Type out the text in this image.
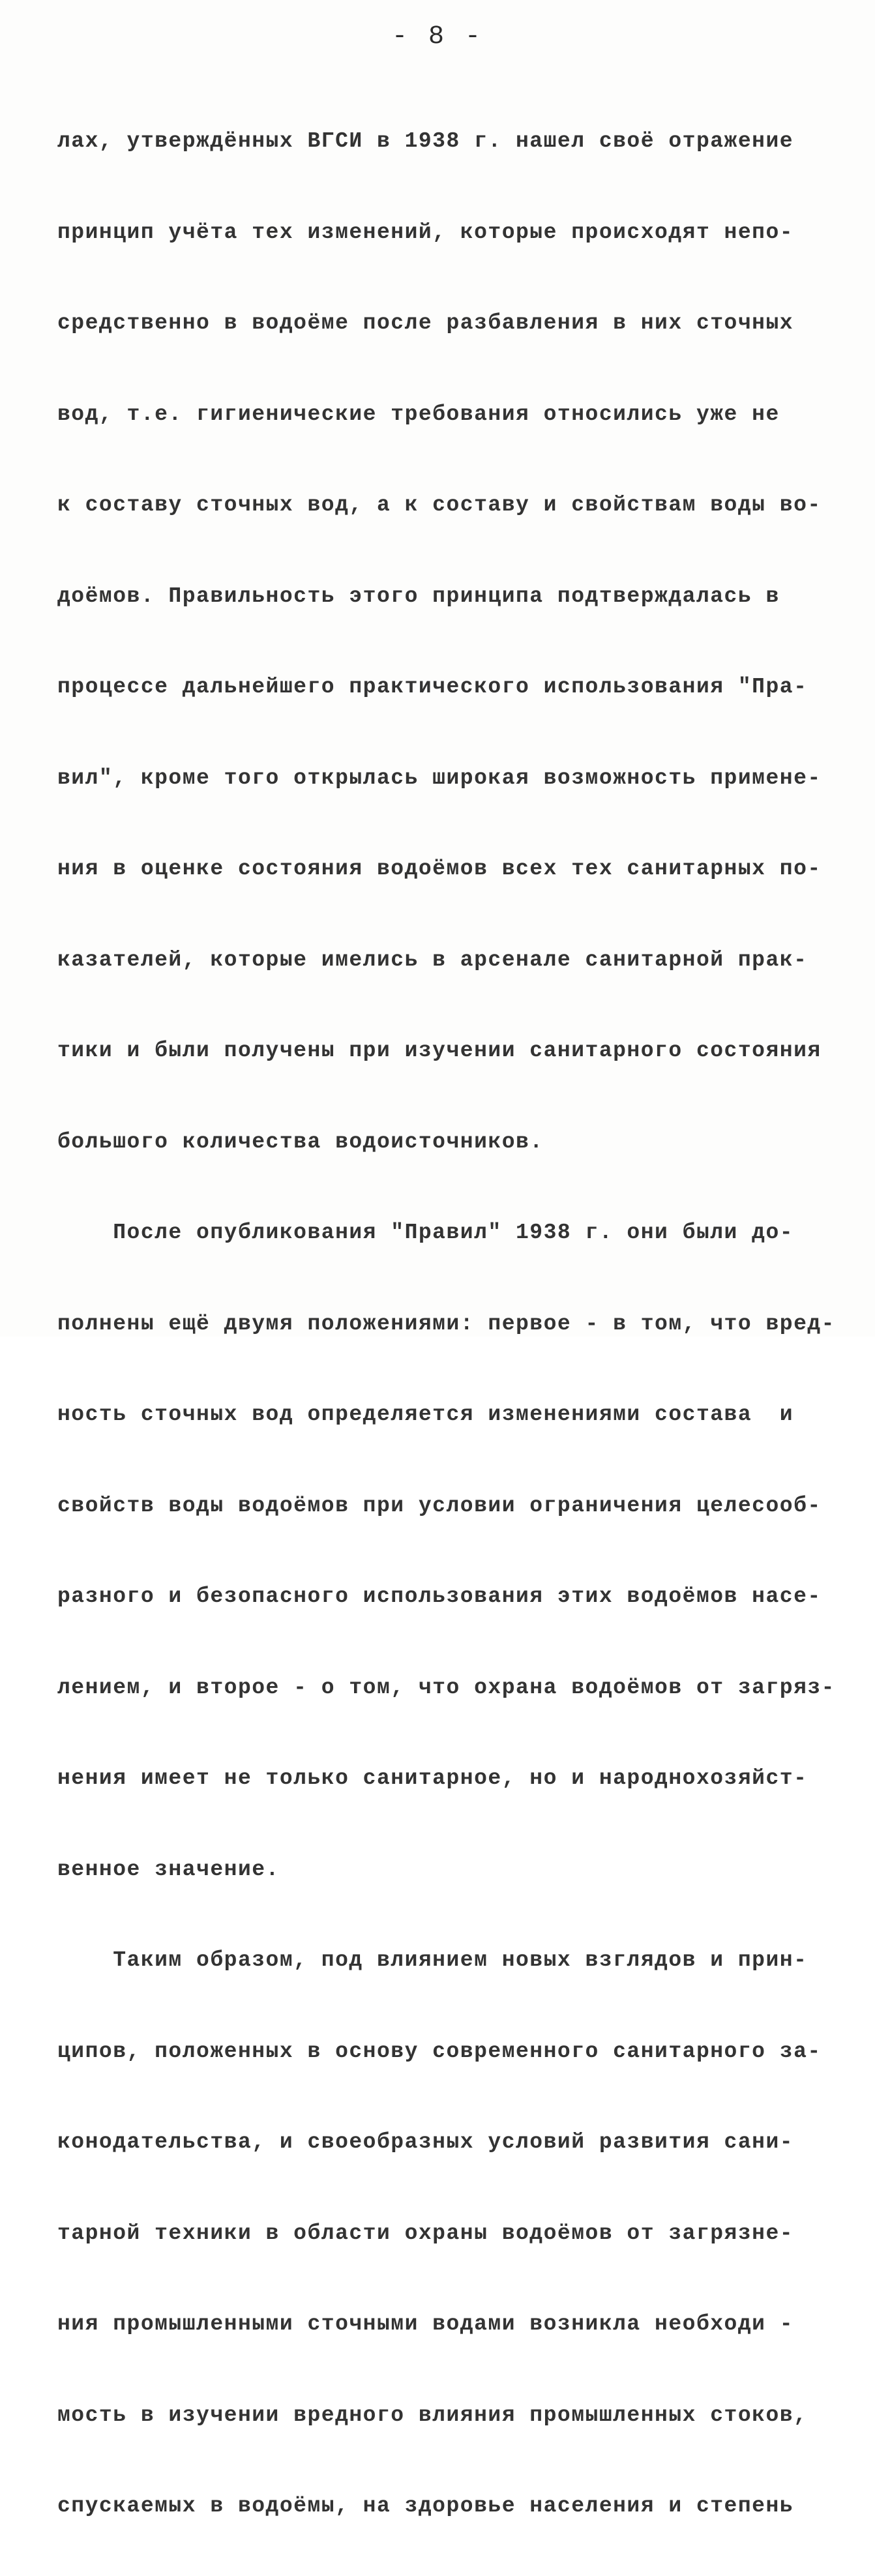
- 8 -

лах, утверждённых ВГСИ в 1938 г. нашел своё отражение

принцип учёта тех изменений, которые происходят непо-

средственно в водоёме после разбавления в них сточных

вод, т.е. гигиенические требования относились уже не

к составу сточных вод, а к составу и свойствам воды во-

доёмов. Правильность этого принципа подтверждалась в

процессе дальнейшего практического использования "Пра-

вил", кроме того открылась широкая возможность примене-

ния в оценке состояния водоёмов всех тех санитарных по-

казателей, которые имелись в арсенале санитарной прак-

тики и были получены при изучении санитарного состояния

большого количества водоисточников.

После опубликования "Правил" 1938 г. они были до-

полнены ещё двумя положениями: первое - в том, что вред-

ность сточных вод определяется изменениями состава  и

свойств воды водоёмов при условии ограничения целесооб-

разного и безопасного использования этих водоёмов насе-

лением, и второе - о том, что охрана водоёмов от загряз-

нения имеет не только санитарное, но и народнохозяйст-

венное значение.

Таким образом, под влиянием новых взглядов и прин-

ципов, положенных в основу современного санитарного за-

конодательства, и своеобразных условий развития сани-

тарной техники в области охраны водоёмов от загрязне-

ния промышленными сточными водами возникла необходи -

мость в изучении вредного влияния промышленных стоков,

спускаемых в водоёмы, на здоровье населения и степень
